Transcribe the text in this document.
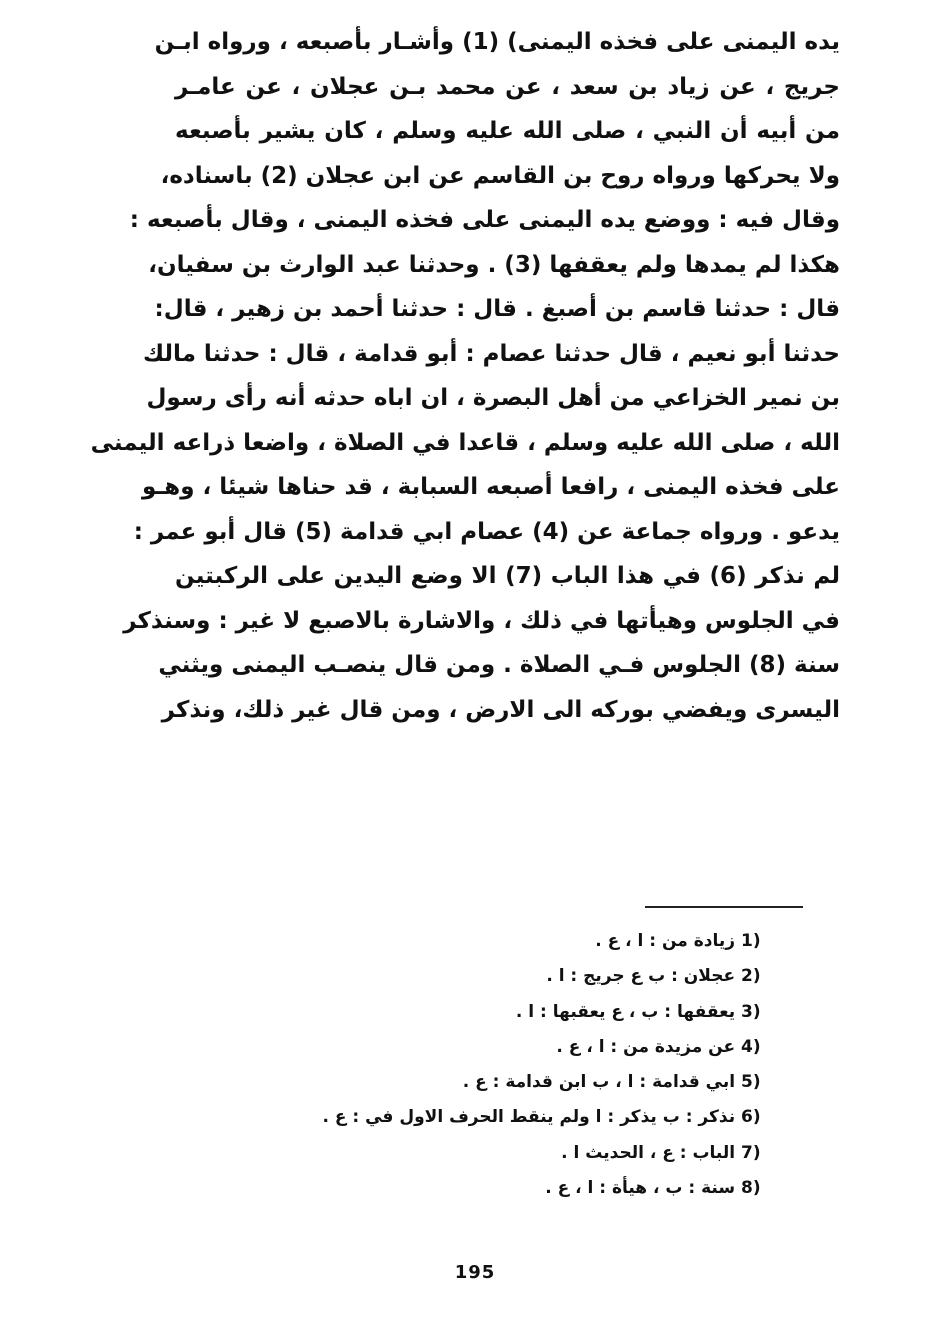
يده اليمنى على فخذه اليمنى) (1) وأشـار بأصبعه ، ورواه ابـن
جريج ، عن زياد بن سعد ، عن محمد بـن عجلان ، عن عامـر
من أبيه أن النبي ، صلى الله عليه وسلم ، كان يشير بأصبعه
ولا يحركها ورواه روح بن القاسم عن ابن عجلان (2) باسناده،
وقال فيه : ووضع يده اليمنى على فخذه اليمنى ، وقال بأصبعه :
هكذا لم يمدها ولم يعقفها (3) . وحدثنا عبد الوارث بن سفيان،
قال : حدثنا قاسم بن أصبغ . قال : حدثنا أحمد بن زهير ، قال:
حدثنا أبو نعيم ، قال حدثنا عصام : أبو قدامة ، قال : حدثنا مالك
بن نمير الخزاعي من أهل البصرة ، ان اباه حدثه أنه رأى رسول
الله ، صلى الله عليه وسلم ، قاعدا في الصلاة ، واضعا ذراعه اليمنى
على فخذه اليمنى ، رافعا أصبعه السبابة ، قد حناها شيئا ، وهـو
يدعو . ورواه جماعة عن (4) عصام ابي قدامة (5) قال أبو عمر :
لم نذكر (6) في هذا الباب (7) الا وضع اليدين على الركبتين
في الجلوس وهيأتها في ذلك ، والاشارة بالاصبع لا غير : وسنذكر
سنة (8) الجلوس فـي الصلاة . ومن قال ينصـب اليمنى ويثني
اليسرى ويفضي بوركه الى الارض ، ومن قال غير ذلك، ونذكر
1) زيادة من : ا ، ع .
2) عجلان : ب ع جريج : ا .
3) يعقفها : ب ، ع يعقبها : ا .
4) عن مزيدة من : ا ، ع .
5) ابي قدامة : ا ، ب ابن قدامة : ع .
6) نذكر : ب يذكر : ا ولم ينقط الحرف الاول في : ع .
7) الباب : ع ، الحديث ا .
8) سنة : ب ، هيأة : ا ، ع .
195
